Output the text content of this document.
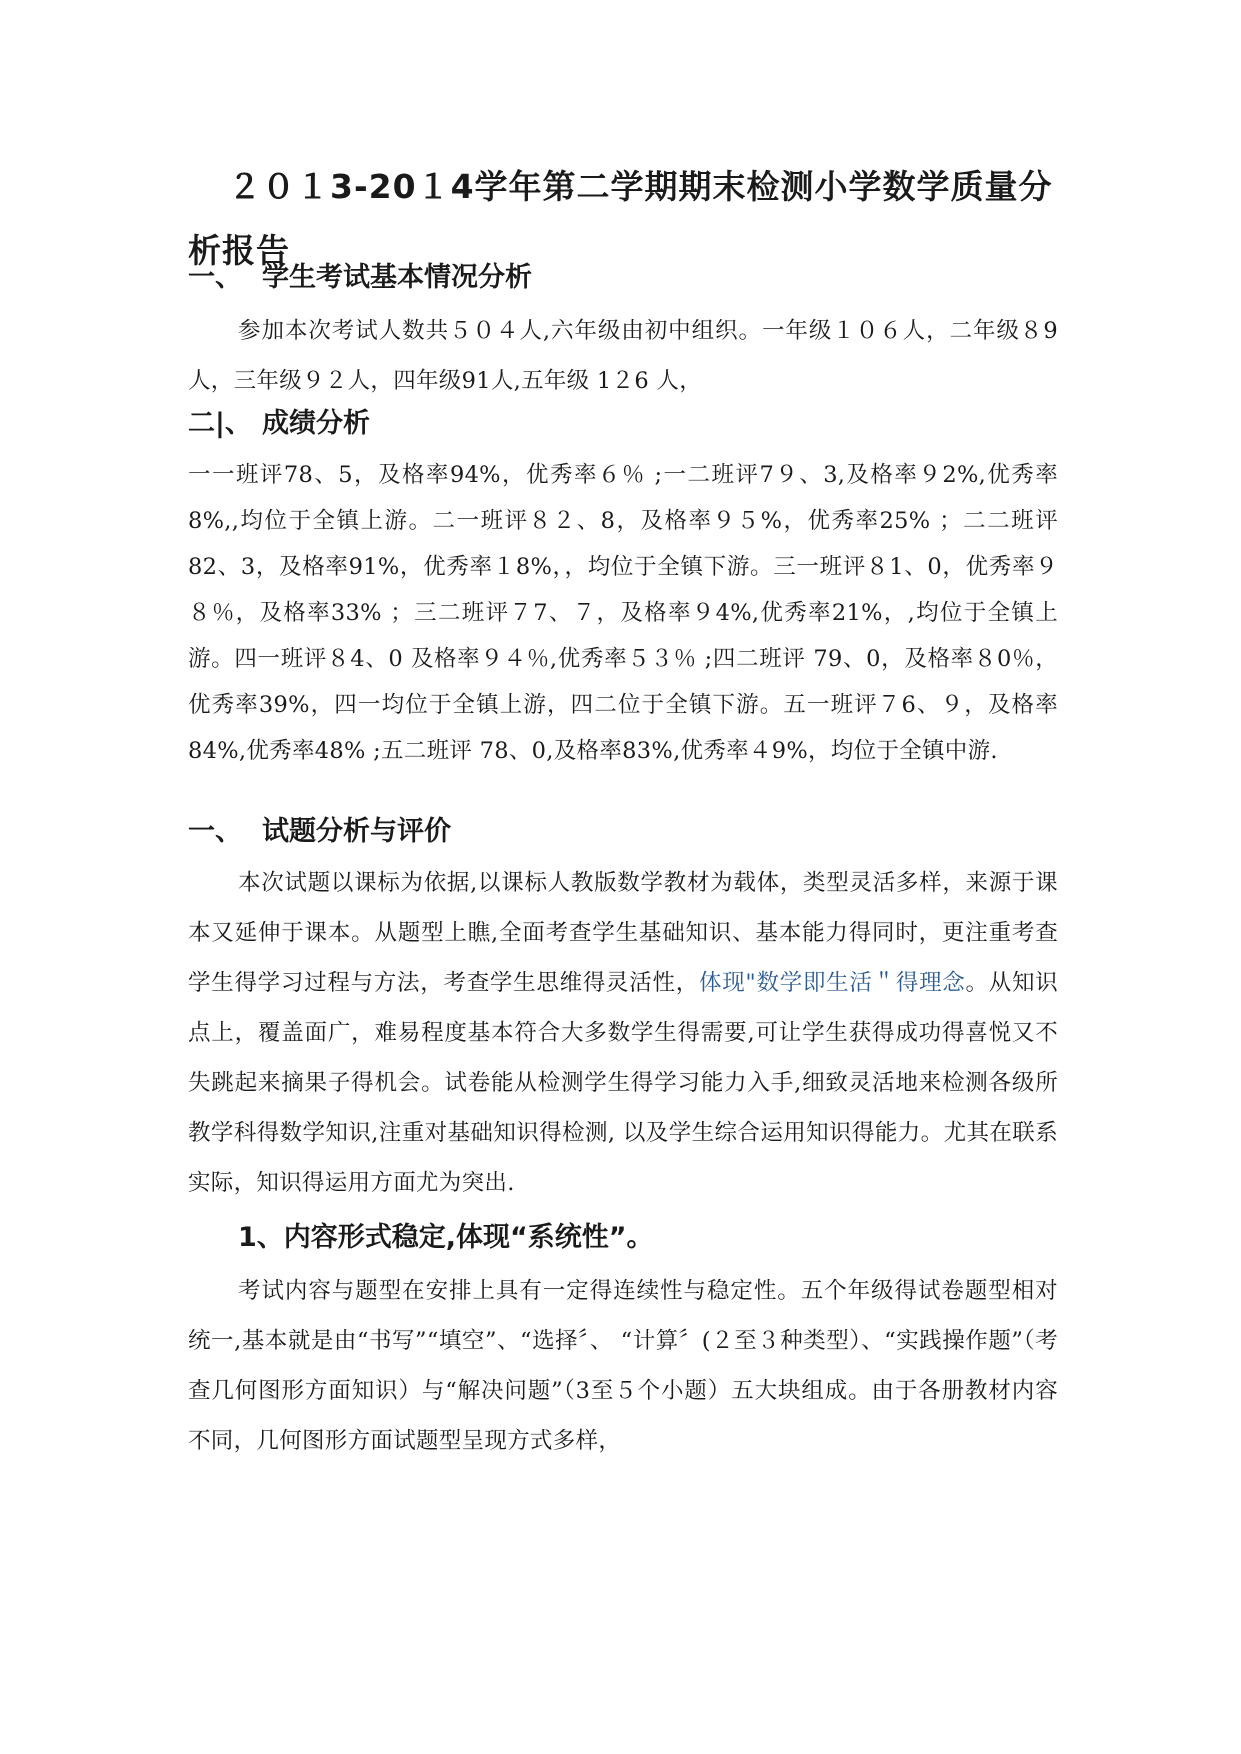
２０１3-20１4学年第二学期期末检测小学数学质量分析报告
一、 学生考试基本情况分析
参加本次考试人数共５０４人,六年级由初中组织。一年级１０６人，二年级８9人，三年级９２人，四年级91人,五年级 1２6 人，
二|、 成绩分析
一一班评78、5，及格率94%，优秀率６％ ;一二班评7９、3,及格率９2%,优秀率8%,,均位于全镇上游。二一班评８２、8，及格率９５%，优秀率25% ；二二班评82、3，及格率91%，优秀率１8%，，均位于全镇下游。三一班评８1、0，优秀率９８％，及格率33% ；三二班评７7、７，及格率９4%,优秀率21%，,均位于全镇上游。四一班评８4、0 及格率９４％,优秀率５３％ ;四二班评 79、0，及格率８0％，优秀率39%，四一均位于全镇上游，四二位于全镇下游。五一班评７6、９，及格率84%,优秀率48% ;五二班评 78、0,及格率83%,优秀率４9%，均位于全镇中游.
一、 试题分析与评价
本次试题以课标为依据,以课标人教版数学教材为载体，类型灵活多样，来源于课本又延伸于课本。从题型上瞧,全面考查学生基础知识、基本能力得同时，更注重考查学生得学习过程与方法，考查学生思维得灵活性，体现"数学即生活＂得理念。从知识点上，覆盖面广，难易程度基本符合大多数学生得需要,可让学生获得成功得喜悦又不失跳起来摘果子得机会。试卷能从检测学生得学习能力入手,细致灵活地来检测各级所教学科得数学知识,注重对基础知识得检测, 以及学生综合运用知识得能力。尤其在联系实际，知识得运用方面尤为突出.
1、内容形式稳定,体现“系统性”。
考试内容与题型在安排上具有一定得连续性与稳定性。五个年级得试卷题型相对统一,基本就是由“书写”“填空”、“选择〞、 “计算〞(２至３种类型）、“实践操作题”（考查几何图形方面知识）与“解决问题”（3至５个小题）五大块组成。由于各册教材内容不同，几何图形方面试题型呈现方式多样，
